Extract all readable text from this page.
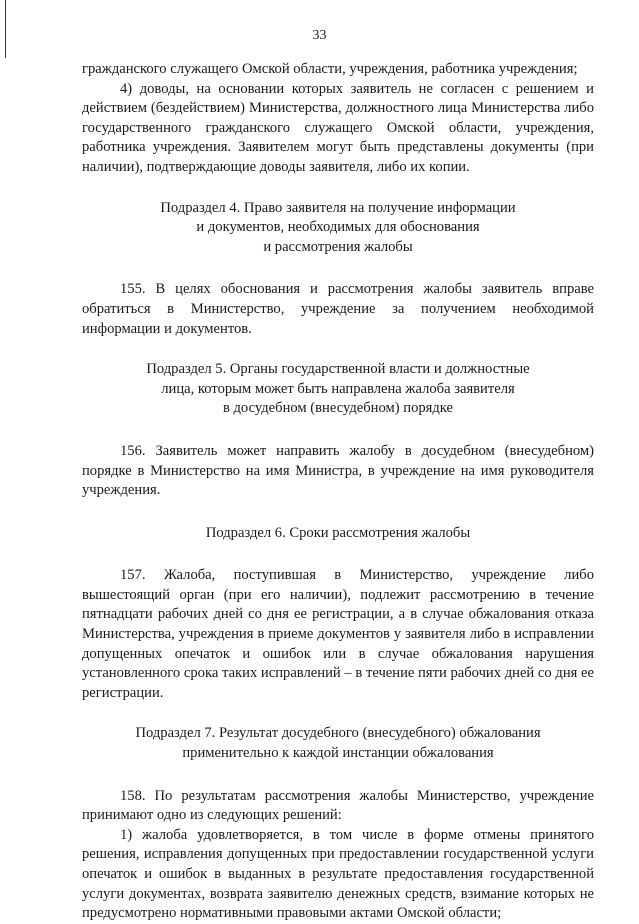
33

гражданского служащего Омской области, учреждения, работника учреждения;

4) доводы, на основании которых заявитель не согласен с решением и действием (бездействием) Министерства, должностного лица Министерства либо государственного гражданского служащего Омской области, учреждения, работника учреждения. Заявителем могут быть представлены документы (при наличии), подтверждающие доводы заявителя, либо их копии.

Подраздел 4. Право заявителя на получение информации

и документов, необходимых для обоснования

и рассмотрения жалобы

155. В целях обоснования и рассмотрения жалобы заявитель вправе обратиться в Министерство, учреждение за получением необходимой информации и документов.

Подраздел 5. Органы государственной власти и должностные

лица, которым может быть направлена жалоба заявителя

в досудебном (внесудебном) порядке

156. Заявитель может направить жалобу в досудебном (внесудебном) порядке в Министерство на имя Министра, в учреждение на имя руководителя учреждения.

Подраздел 6. Сроки рассмотрения жалобы

157. Жалоба, поступившая в Министерство, учреждение либо вышестоящий орган (при его наличии), подлежит рассмотрению в течение пятнадцати рабочих дней со дня ее регистрации, а в случае обжалования отказа Министерства, учреждения в приеме документов у заявителя либо в исправлении допущенных опечаток и ошибок или в случае обжалования нарушения установленного срока таких исправлений – в течение пяти рабочих дней со дня ее регистрации.

Подраздел 7. Результат досудебного (внесудебного) обжалования

применительно к каждой инстанции обжалования

158. По результатам рассмотрения жалобы Министерство, учреждение принимают одно из следующих решений:

1) жалоба удовлетворяется, в том числе в форме отмены принятого решения, исправления допущенных при предоставлении государственной услуги опечаток и ошибок в выданных в результате предоставления государственной услуги документах, возврата заявителю денежных средств, взимание которых не предусмотрено нормативными правовыми актами Омской области;
